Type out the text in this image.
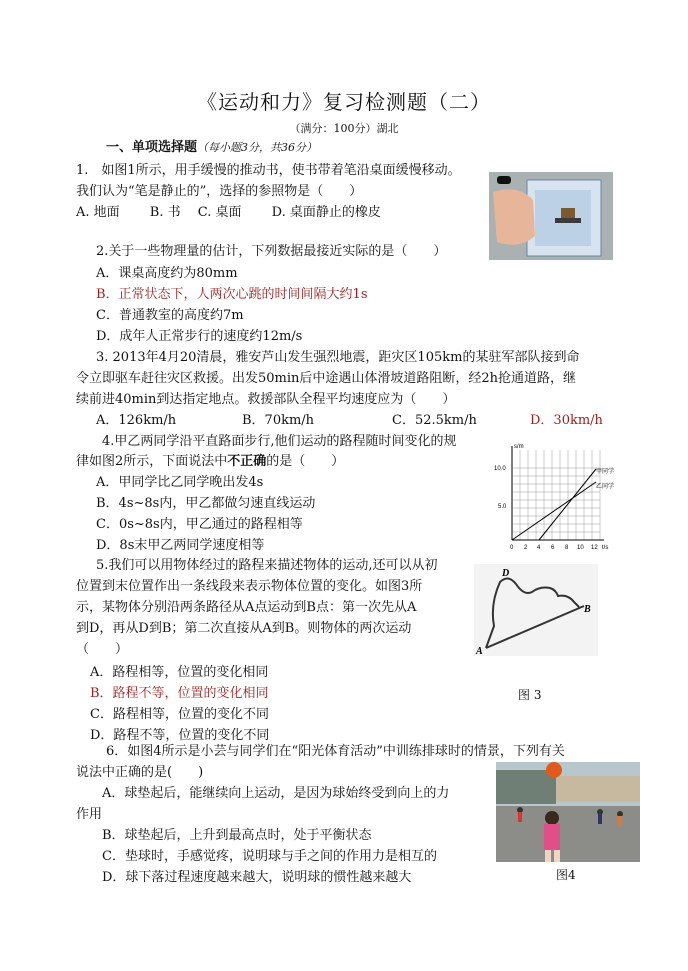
《运动和力》复习检测题（二）
（满分：100分）湖北
一、单项选择题（每小题3分，共36分）
1.　如图1所示，用手缓慢的推动书，使书带着笔沿桌面缓慢移动。
我们认为“笔是静止的”，选择的参照物是（　　）
A. 地面　　 B. 书　 C. 桌面　　 D. 桌面静止的橡皮
2.关于一些物理量的估计，下列数据最接近实际的是（　　）
A．课桌高度约为80mm
B．正常状态下，人两次心跳的时间间隔大约1s
C．普通教室的高度约7m
D．成年人正常步行的速度约12m/s
3. 2013年4月20清晨，雅安芦山发生强烈地震，距灾区105km的某驻军部队接到命
令立即驱车赶往灾区救援。出发50min后中途遇山体滑坡道路阻断，经2h抢通道路，继
续前进40min到达指定地点。救援部队全程平均速度应为（　　）
A．126km/h	B．70km/h	C．52.5km/h	D．30km/h
4.甲乙两同学沿平直路面步行,他们运动的路程随时间变化的规
律如图2所示，下面说法中不正确的是（　　）
A．甲同学比乙同学晚出发4s
B．4s~8s内，甲乙都做匀速直线运动
C．0s~8s内，甲乙通过的路程相等
D．8s末甲乙两同学速度相等
s/m
10.0
5.0
甲同学
乙同学
0 2 4 6 8 10 12 t/s
5.我们可以用物体经过的路程来描述物体的运动,还可以从初
位置到末位置作出一条线段来表示物体位置的变化。如图3所
示，某物体分别沿两条路径从A点运动到B点：第一次先从A
到D，再从D到B；第二次直接从A到B。则物体的两次运动
（　　）
A．路程相等，位置的变化相同
B．路程不等，位置的变化相同
C．路程相等，位置的变化不同
D．路程不等，位置的变化不同
D
B
A
图 3
6．如图4所示是小芸与同学们在“阳光体育活动”中训练排球时的情景，下列有关
说法中正确的是(　　)
A．球垫起后，能继续向上运动，是因为球始终受到向上的力
作用
B．球垫起后，上升到最高点时，处于平衡状态
C．垫球时，手感觉疼，说明球与手之间的作用力是相互的
D．球下落过程速度越来越大，说明球的惯性越来越大	图4
